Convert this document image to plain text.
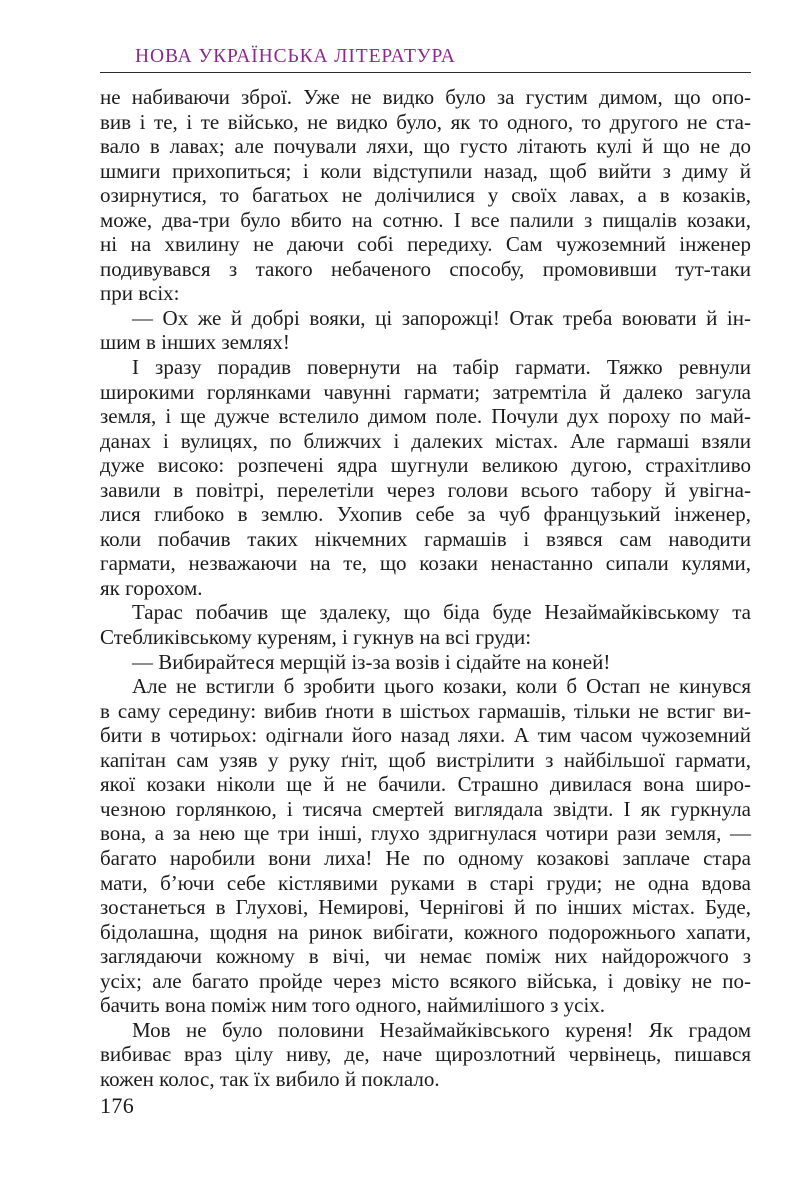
НОВА УКРАЇНСЬКА ЛІТЕРАТУРА
не набиваючи зброї. Уже не видко було за густим димом, що опо-
вив і те, і те військо, не видко було, як то одного, то другого не ста-
вало в лавах; але почували ляхи, що густо літають кулі й що не до
шмиги прихопиться; і коли відступили назад, щоб вийти з диму й
озирнутися, то багатьох не долічилися у своїх лавах, а в козаків,
може, два-три було вбито на сотню. І все палили з пищалів козаки,
ні на хвилину не даючи собі передиху. Сам чужоземний інженер
подивувався з такого небаченого способу, промовивши тут-таки
при всіх:
— Ох же й добрі вояки, ці запорожці! Отак треба воювати й ін-
шим в інших землях!
І зразу порадив повернути на табір гармати. Тяжко ревнули
широкими горлянками чавунні гармати; затремтіла й далеко загула
земля, і ще дужче встелило димом поле. Почули дух пороху по май-
данах і вулицях, по ближчих і далеких містах. Але гармаші взяли
дуже високо: розпечені ядра шугнули великою дугою, страхітливо
завили в повітрі, перелетіли через голови всього табору й увігна-
лися глибоко в землю. Ухопив себе за чуб французький інженер,
коли побачив таких нікчемних гармашів і взявся сам наводити
гармати, незважаючи на те, що козаки ненастанно сипали кулями,
як горохом.
Тарас побачив ще здалеку, що біда буде Незаймайківському та
Стебликівському куреням, і гукнув на всі груди:
— Вибирайтеся мерщій із-за возів і сідайте на коней!
Але не встигли б зробити цього козаки, коли б Остап не кинувся
в саму середину: вибив ґноти в шістьох гармашів, тільки не встиг ви-
бити в чотирьох: одігнали його назад ляхи. А тим часом чужоземний
капітан сам узяв у руку ґніт, щоб вистрілити з найбільшої гармати,
якої козаки ніколи ще й не бачили. Страшно дивилася вона широ-
чезною горлянкою, і тисяча смертей виглядала звідти. І як гуркнула
вона, а за нею ще три інші, глухо здригнулася чотири рази земля, —
багато наробили вони лиха! Не по одному козакові заплаче стара
мати, б’ючи себе кістлявими руками в старі груди; не одна вдова
зостанеться в Глухові, Немирові, Чернігові й по інших містах. Буде,
бідолашна, щодня на ринок вибігати, кожного подорожнього хапати,
заглядаючи кожному в вічі, чи немає поміж них найдорожчого з
усіх; але багато пройде через місто всякого війська, і довіку не по-
бачить вона поміж ним того одного, наймилішого з усіх.
Мов не було половини Незаймайківського куреня! Як градом
вибиває враз цілу ниву, де, наче щирозлотний червінець, пишався
кожен колос, так їх вибило й поклало.
176
